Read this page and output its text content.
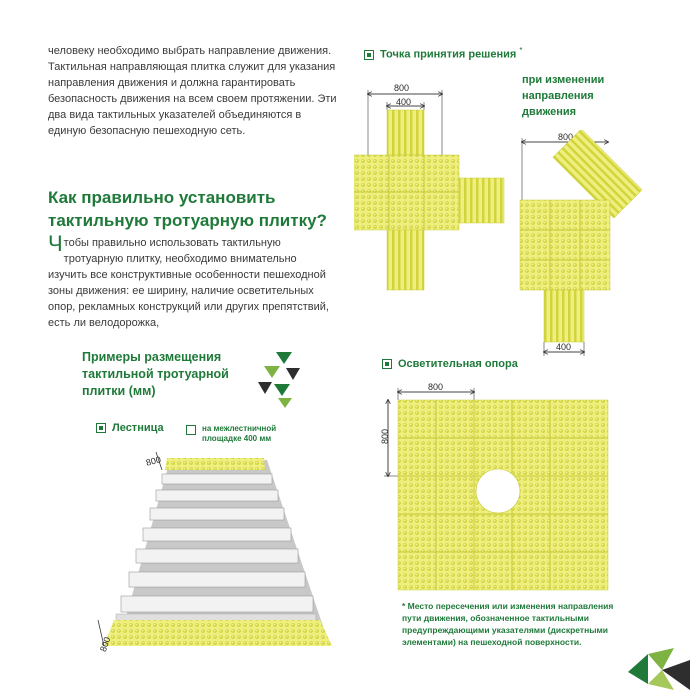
человеку необходимо выбрать направление движения. Тактильная направляющая плитка служит для указания направления движения и должна гарантировать безопасность движения на всем своем протяжении. Эти два вида тактильных указателей объединяются в единую безопасную пешеходную сеть.
Как правильно установить
тактильную тротуарную плитку?
Чтобы правильно использовать тактильную тротуарную плитку, необходимо внимательно изучить все конструктивные особенности пешеходной зоны движения: ее ширину, наличие осветительных опор, рекламных конструкций или других препятствий, есть ли велодорожка,
Примеры размещения тактильной тротуарной плитки (мм)
Лестница	на межлестничной площадке 400 мм
800
800
Точка принятия решения *
800
400
при изменении направления движения
800
400
Осветительная опора
800
800
* Место пересечения или изменения направления пути движения, обозначенное тактильными предупреждающими указателями (дискретными элементами) на пешеходной поверхности.
